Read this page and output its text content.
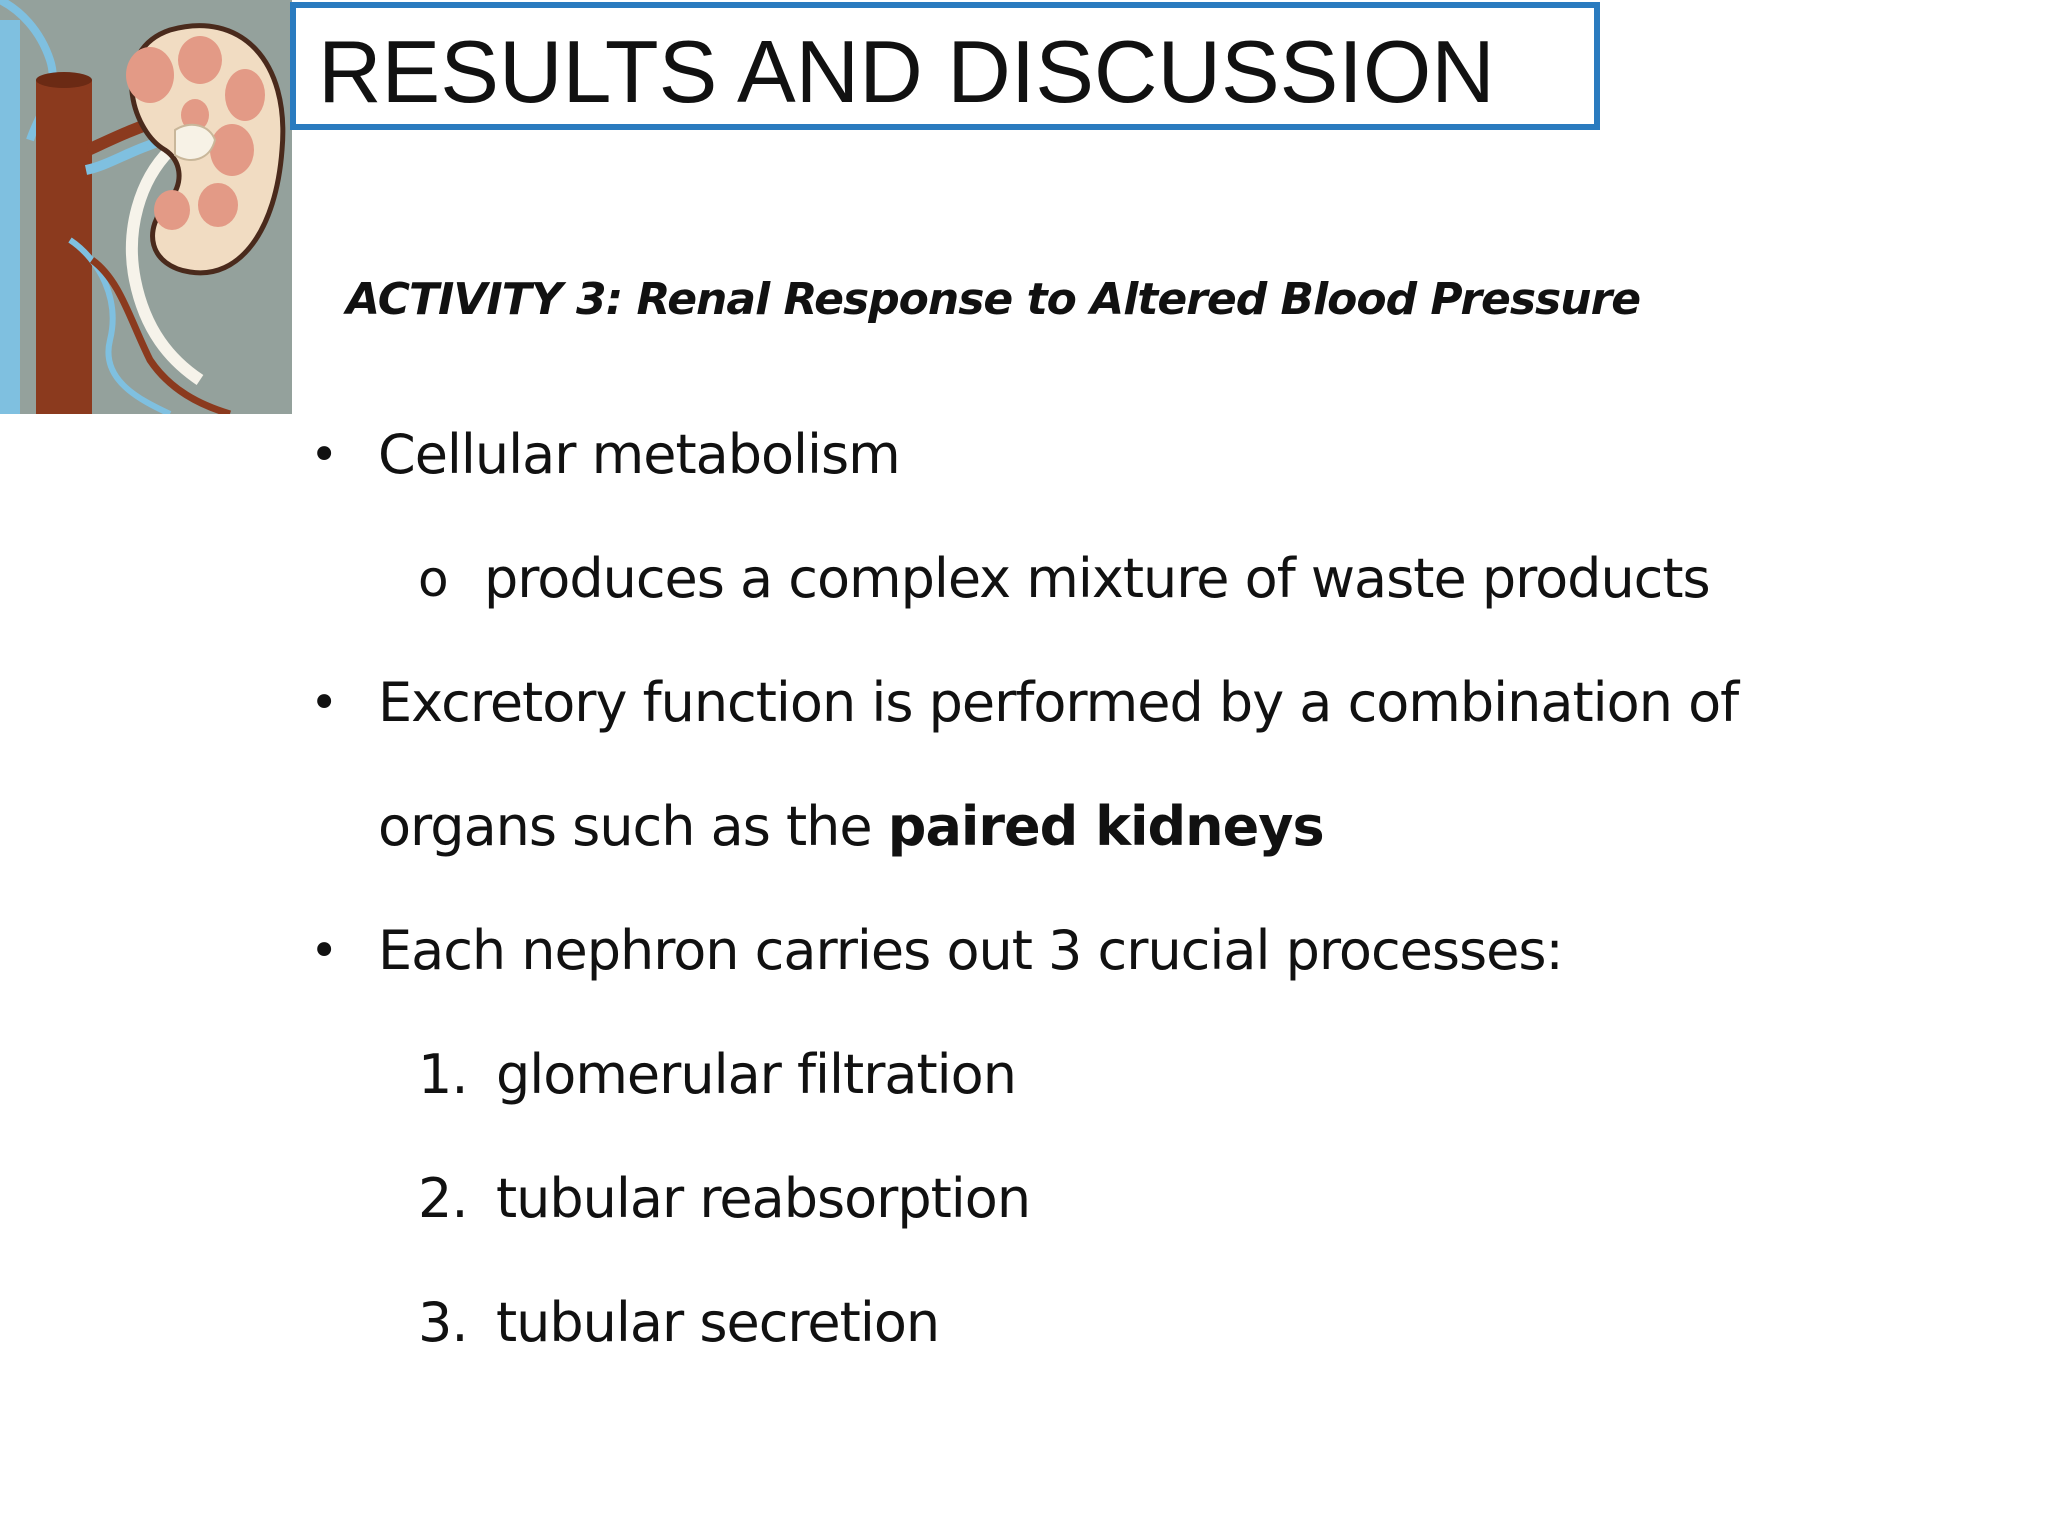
RESULTS AND DISCUSSION
ACTIVITY 3: Renal Response to Altered Blood Pressure
• Cellular metabolism
o produces a complex mixture of waste products
• Excretory function is performed by a combination of
organs such as the paired kidneys
• Each nephron carries out 3 crucial processes:
1. glomerular filtration
2. tubular reabsorption
3. tubular secretion
